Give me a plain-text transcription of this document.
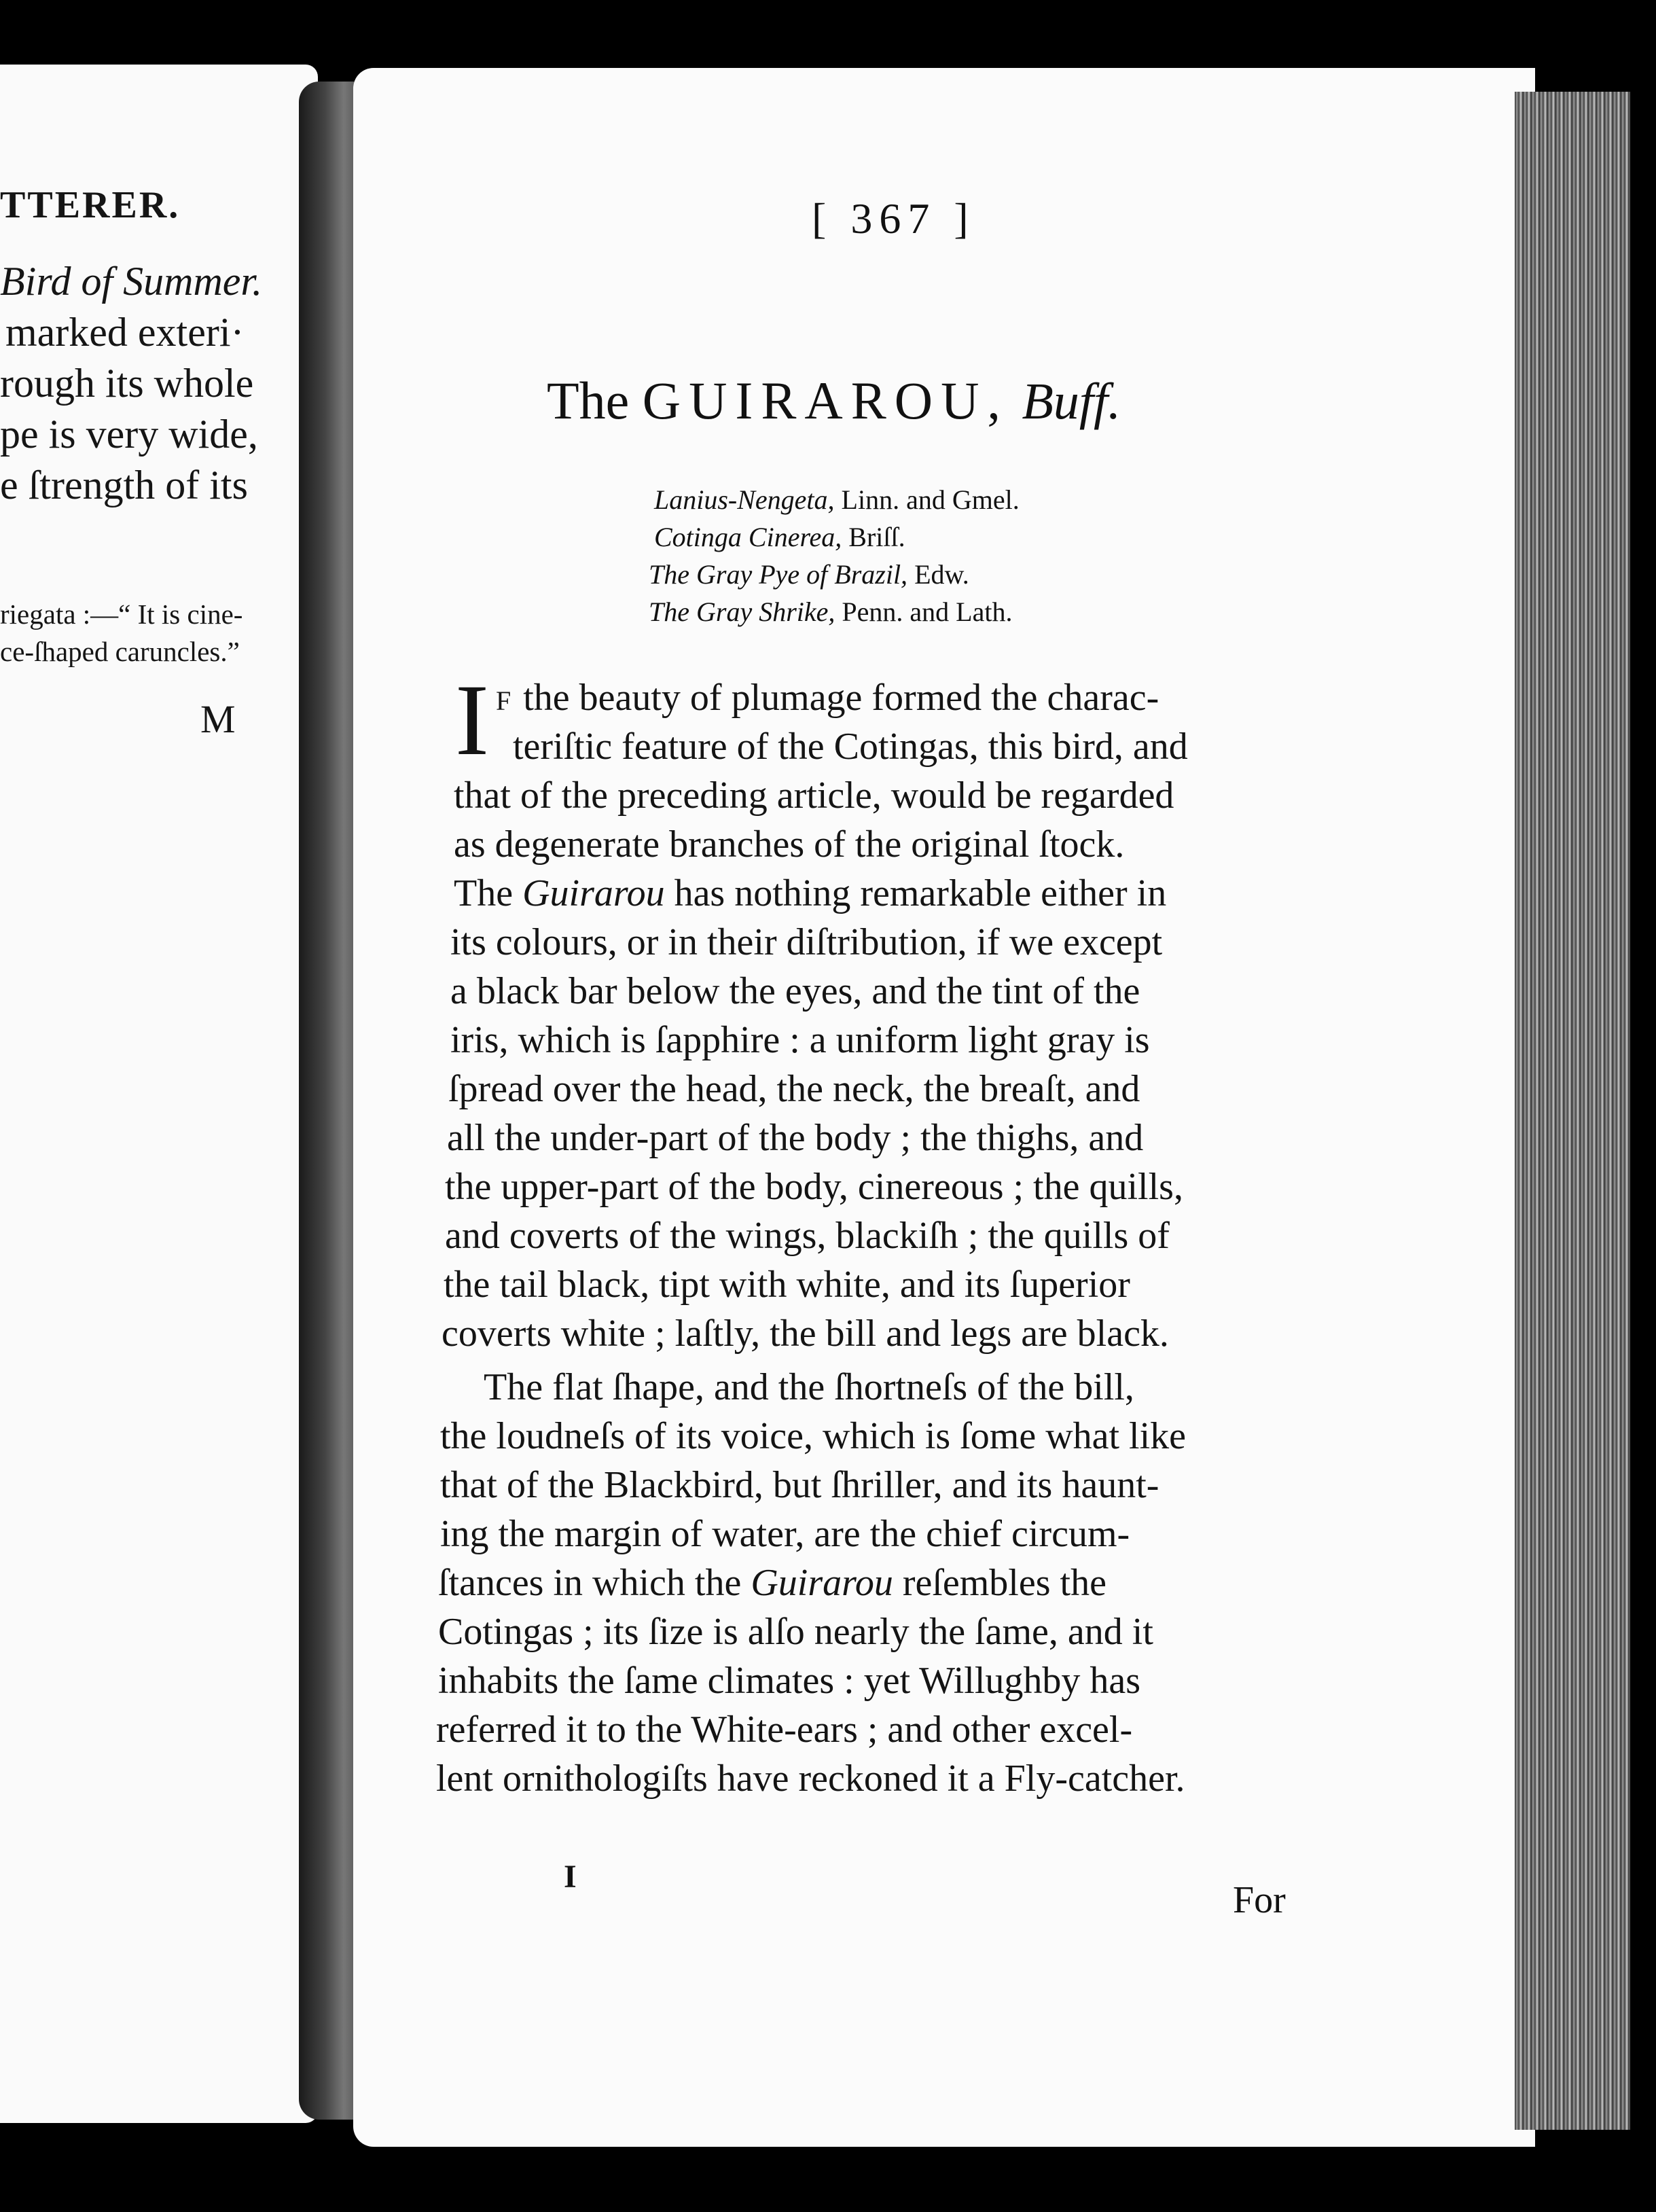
TTERER.
Bird of Summer.
marked exteri·
rough its whole
pe is very wide,
e ſtrength of its
riegata :—“ It is cine-
ce-ſhaped caruncles.”
M
[ 367 ]
The GUIRAROU, Buff.
Lanius-Nengeta, Linn. and Gmel.
Cotinga Cinerea, Briſſ.
The Gray Pye of Brazil, Edw.
The Gray Shrike, Penn. and Lath.
I F the beauty of plumage formed the charac-
teriſtic feature of the Cotingas, this bird, and
that of the preceding article, would be regarded
as degenerate branches of the original ſtock.
The Guirarou has nothing remarkable either in
its colours, or in their diſtribution, if we except
a black bar below the eyes, and the tint of the
iris, which is ſapphire : a uniform light gray is
ſpread over the head, the neck, the breaſt, and
all the under-part of the body ; the thighs, and
the upper-part of the body, cinereous ; the quills,
and coverts of the wings, blackiſh ; the quills of
the tail black, tipt with white, and its ſuperior
coverts white ; laſtly, the bill and legs are black.
The flat ſhape, and the ſhortneſs of the bill,
the loudneſs of its voice, which is ſome what like
that of the Blackbird, but ſhriller, and its haunt-
ing the margin of water, are the chief circum-
ſtances in which the Guirarou reſembles the
Cotingas ; its ſize is alſo nearly the ſame, and it
inhabits the ſame climates : yet Willughby has
referred it to the White-ears ; and other excel-
lent ornithologiſts have reckoned it a Fly-catcher.
I
For
